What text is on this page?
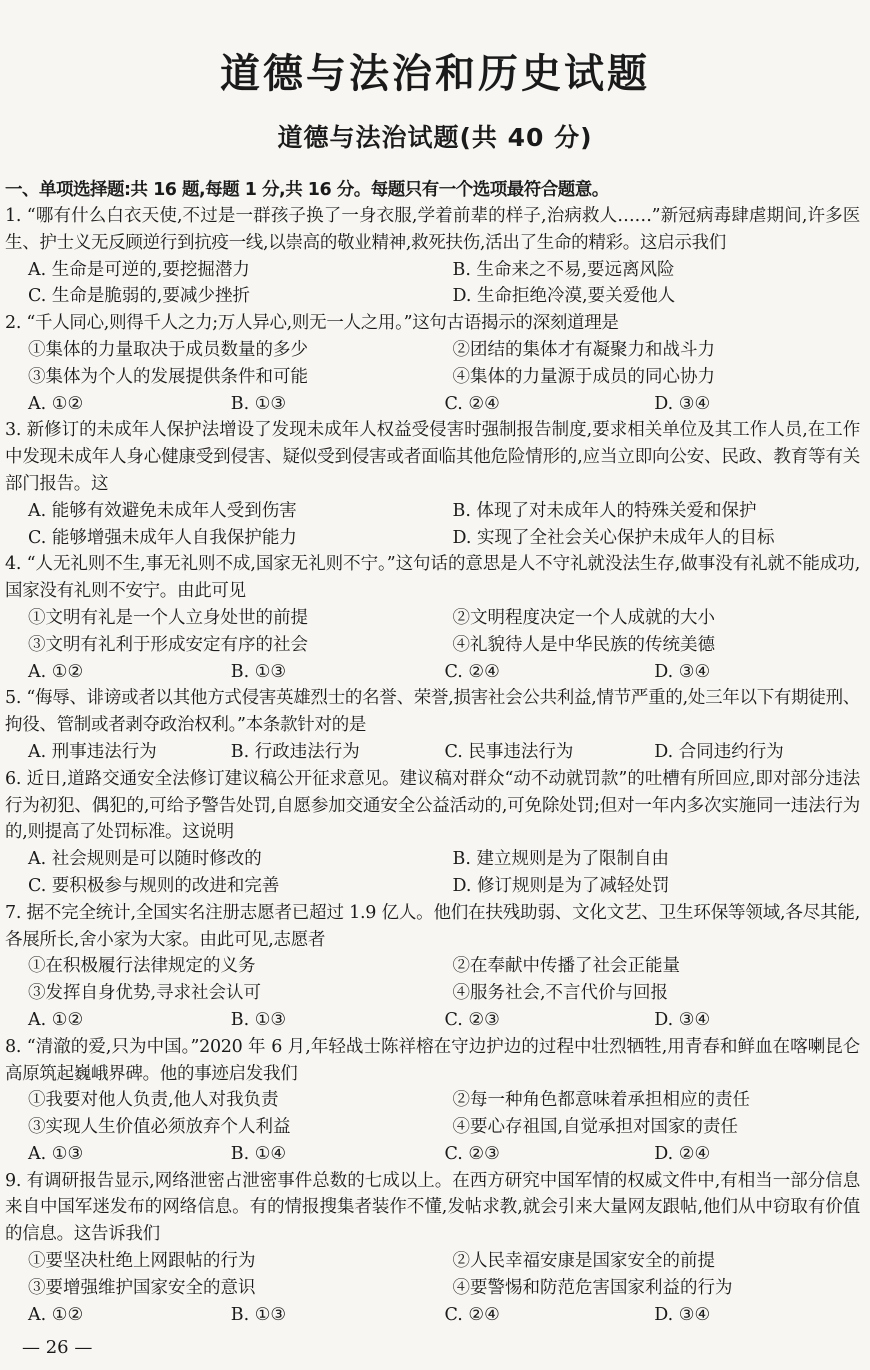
道德与法治和历史试题
道德与法治试题(共 40 分)
一、单项选择题:共 16 题,每题 1 分,共 16 分。每题只有一个选项最符合题意。
1. “哪有什么白衣天使,不过是一群孩子换了一身衣服,学着前辈的样子,治病救人……”新冠病毒肆虐期间,许多医生、护士义无反顾逆行到抗疫一线,以崇高的敬业精神,救死扶伤,活出了生命的精彩。这启示我们
A. 生命是可逆的,要挖掘潜力	B. 生命来之不易,要远离风险
C. 生命是脆弱的,要减少挫折	D. 生命拒绝冷漠,要关爱他人
2. “千人同心,则得千人之力;万人异心,则无一人之用。”这句古语揭示的深刻道理是
①集体的力量取决于成员数量的多少	②团结的集体才有凝聚力和战斗力
③集体为个人的发展提供条件和可能	④集体的力量源于成员的同心协力
A. ①②	B. ①③	C. ②④	D. ③④
3. 新修订的未成年人保护法增设了发现未成年人权益受侵害时强制报告制度,要求相关单位及其工作人员,在工作中发现未成年人身心健康受到侵害、疑似受到侵害或者面临其他危险情形的,应当立即向公安、民政、教育等有关部门报告。这
A. 能够有效避免未成年人受到伤害	B. 体现了对未成年人的特殊关爱和保护
C. 能够增强未成年人自我保护能力	D. 实现了全社会关心保护未成年人的目标
4. “人无礼则不生,事无礼则不成,国家无礼则不宁。”这句话的意思是人不守礼就没法生存,做事没有礼就不能成功,国家没有礼则不安宁。由此可见
①文明有礼是一个人立身处世的前提	②文明程度决定一个人成就的大小
③文明有礼利于形成安定有序的社会	④礼貌待人是中华民族的传统美德
A. ①②	B. ①③	C. ②④	D. ③④
5. “侮辱、诽谤或者以其他方式侵害英雄烈士的名誉、荣誉,损害社会公共利益,情节严重的,处三年以下有期徒刑、拘役、管制或者剥夺政治权利。”本条款针对的是
A. 刑事违法行为	B. 行政违法行为	C. 民事违法行为	D. 合同违约行为
6. 近日,道路交通安全法修订建议稿公开征求意见。建议稿对群众“动不动就罚款”的吐槽有所回应,即对部分违法行为初犯、偶犯的,可给予警告处罚,自愿参加交通安全公益活动的,可免除处罚;但对一年内多次实施同一违法行为的,则提高了处罚标准。这说明
A. 社会规则是可以随时修改的	B. 建立规则是为了限制自由
C. 要积极参与规则的改进和完善	D. 修订规则是为了减轻处罚
7. 据不完全统计,全国实名注册志愿者已超过 1.9 亿人。他们在扶残助弱、文化文艺、卫生环保等领域,各尽其能,各展所长,舍小家为大家。由此可见,志愿者
①在积极履行法律规定的义务	②在奉献中传播了社会正能量
③发挥自身优势,寻求社会认可	④服务社会,不言代价与回报
A. ①②	B. ①③	C. ②③	D. ③④
8. “清澈的爱,只为中国。”2020 年 6 月,年轻战士陈祥榕在守边护边的过程中壮烈牺牲,用青春和鲜血在喀喇昆仑高原筑起巍峨界碑。他的事迹启发我们
①我要对他人负责,他人对我负责	②每一种角色都意味着承担相应的责任
③实现人生价值必须放弃个人利益	④要心存祖国,自觉承担对国家的责任
A. ①③	B. ①④	C. ②③	D. ②④
9. 有调研报告显示,网络泄密占泄密事件总数的七成以上。在西方研究中国军情的权威文件中,有相当一部分信息来自中国军迷发布的网络信息。有的情报搜集者装作不懂,发帖求教,就会引来大量网友跟帖,他们从中窃取有价值的信息。这告诉我们
①要坚决杜绝上网跟帖的行为	②人民幸福安康是国家安全的前提
③要增强维护国家安全的意识	④要警惕和防范危害国家利益的行为
A. ①②	B. ①③	C. ②④	D. ③④
— 26 —
